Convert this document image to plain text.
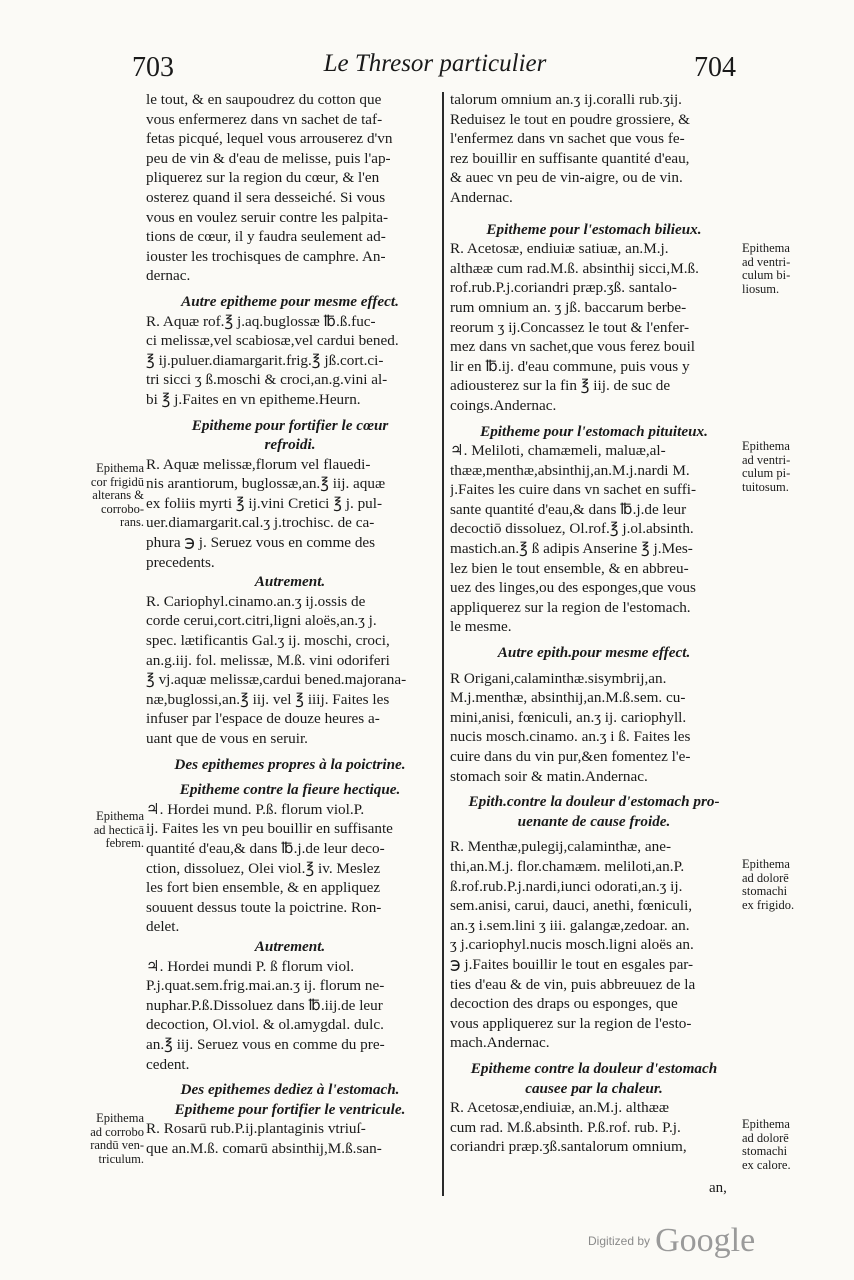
703	Le Thresor particulier	704
le tout, & en saupoudrez du cotton que
vous enfermerez dans vn sachet de taf-
fetas picqué, lequel vous arrouserez d'vn
peu de vin & d'eau de melisse, puis l'ap-
pliquerez sur la region du cœur, & l'en
osterez quand il sera desseiché. Si vous
vous en voulez seruir contre les palpita-
tions de cœur, il y faudra seulement ad-
iouster les trochisques de camphre. An-
dernac.
Autre epitheme pour mesme effect.
R. Aquæ rof.℥ j.aq.buglossæ ℔.ß.fuc-
ci melissæ,vel scabiosæ,vel cardui bened.
℥ ij.puluer.diamargarit.frig.℥ jß.cort.ci-
tri sicci ʒ ß.moschi & croci,an.g.vini al-
bi ℥ j.Faites en vn epitheme.Heurn.
Epitheme pour fortifier le cœur
refroidi.
R. Aquæ melissæ,florum vel flauedi-
nis arantiorum, buglossæ,an.℥ iij. aquæ
ex foliis myrti ℥ ij.vini Cretici ℥ j. pul-
uer.diamargarit.cal.ʒ j.trochisc. de ca-
phura ℈ j. Seruez vous en comme des
precedents.
Autrement.
R. Cariophyl.cinamo.an.ʒ ij.ossis de
corde cerui,cort.citri,ligni aloës,an.ʒ j.
spec. lætificantis Gal.ʒ ij. moschi, croci,
an.g.iij. fol. melissæ, M.ß. vini odoriferi
℥ vj.aquæ melissæ,cardui bened.majorana-
næ,buglossi,an.℥ iij. vel ℥ iiij. Faites les
infuser par l'espace de douze heures a-
uant que de vous en seruir.
Des epithemes propres à la poictrine.
Epitheme contre la fieure hectique.
♃. Hordei mund. P.ß. florum viol.P.
ij. Faites les vn peu bouillir en suffisante
quantité d'eau,& dans ℔.j.de leur deco-
ction, dissoluez, Olei viol.℥ iv. Meslez
les fort bien ensemble, & en appliquez
souuent dessus toute la poictrine. Ron-
delet.
Autrement.
♃. Hordei mundi P. ß florum viol.
P.j.quat.sem.frig.mai.an.ʒ ij. florum ne-
nuphar.P.ß.Dissoluez dans ℔.iij.de leur
decoction, Ol.viol. & ol.amygdal. dulc.
an.℥ iij. Seruez vous en comme du pre-
cedent.
Des epithemes dediez à l'estomach.
Epitheme pour fortifier le ventricule.
R. Rosarū rub.P.ij.plantaginis vtriuſ-
que an.M.ß. comarū absinthij,M.ß.san-
talorum omnium an.ʒ ij.coralli rub.ʒij.
Reduisez le tout en poudre grossiere, &
l'enfermez dans vn sachet que vous fe-
rez bouillir en suffisante quantité d'eau,
& auec vn peu de vin-aigre, ou de vin.
Andernac.
Epitheme pour l'estomach bilieux.
R. Acetosæ, endiuiæ satiuæ, an.M.j.
althææ cum rad.M.ß. absinthij sicci,M.ß.
rof.rub.P.j.coriandri præp.ʒß. santalo-
rum omnium an. ʒ jß. baccarum berbe-
reorum ʒ ij.Concassez le tout & l'enfer-
mez dans vn sachet,que vous ferez bouil
lir en ℔.ij. d'eau commune, puis vous y
adiousterez sur la fin ℥ iij. de suc de
coings.Andernac.
Epitheme pour l'estomach pituiteux.
♃. Meliloti, chamæmeli, maluæ,al-
thææ,menthæ,absinthij,an.M.j.nardi M.
j.Faites les cuire dans vn sachet en suffi-
sante quantité d'eau,& dans ℔.j.de leur
decoctiō dissoluez, Ol.rof.℥ j.ol.absinth.
mastich.an.℥ ß adipis Anserine ℥ j.Mes-
lez bien le tout ensemble, & en abbreu-
uez des linges,ou des esponges,que vous
appliquerez sur la region de l'estomach.
le mesme.
Autre epith.pour mesme effect.
R Origani,calaminthæ.sisymbrij,an.
M.j.menthæ, absinthij,an.M.ß.sem. cu-
mini,anisi, fœniculi, an.ʒ ij. cariophyll.
nucis mosch.cinamo. an.ʒ i ß. Faites les
cuire dans du vin pur,&en fomentez l'e-
stomach soir & matin.Andernac.
Epith.contre la douleur d'estomach pro-
uenante de cause froide.
R. Menthæ,pulegij,calaminthæ, ane-
thi,an.M.j. flor.chamæm. meliloti,an.P.
ß.rof.rub.P.j.nardi,iunci odorati,an.ʒ ij.
sem.anisi, carui, dauci, anethi, fœniculi,
an.ʒ i.sem.lini ʒ iii. galangæ,zedoar. an.
ʒ j.cariophyl.nucis mosch.ligni aloës an.
℈ j.Faites bouillir le tout en esgales par-
ties d'eau & de vin, puis abbreuuez de la
decoction des draps ou esponges, que
vous appliquerez sur la region de l'esto-
mach.Andernac.
Epitheme contre la douleur d'estomach
causee par la chaleur.
R. Acetosæ,endiuiæ, an.M.j. althææ
cum rad. M.ß.absinth. P.ß.rof. rub. P.j.
coriandri præp.ʒß.santalorum omnium,
Epithema
cor frigidū
alterans &
corrobo-
rans.
Epithema
ad hecticā
febrem.
Epithema
ad corrobo
randū ven-
triculum.
Epithema
ad ventri-
culum bi-
liosum.
Epithema
ad ventri-
culum pi-
tuitosum.
Epithema
ad dolorē
stomachi
ex frigido.
Epithema
ad dolorē
stomachi
ex calore.
an,
Digitized by Google
